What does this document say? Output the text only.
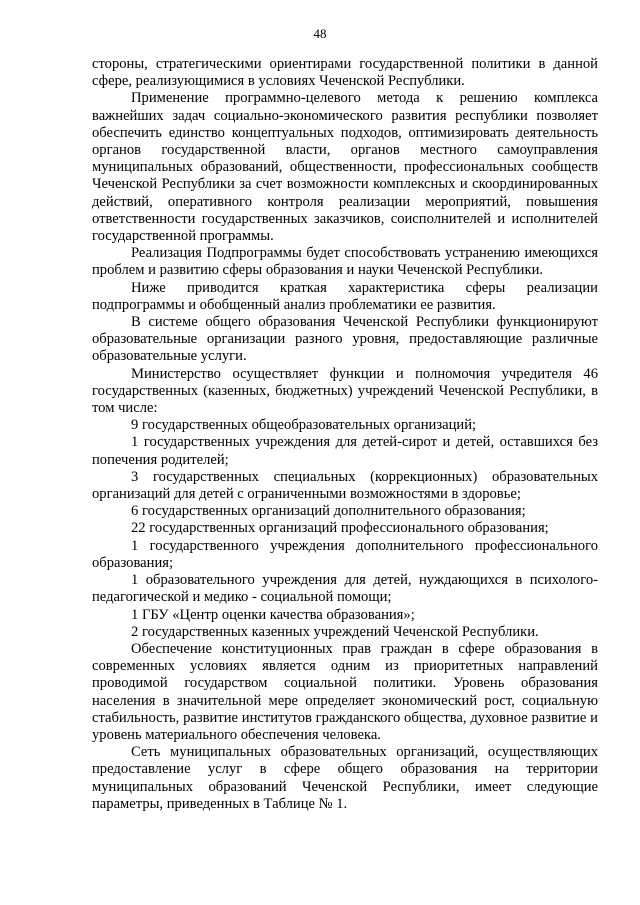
48

стороны, стратегическими ориентирами государственной политики в данной сфере, реализующимися в условиях Чеченской Республики.

Применение программно-целевого метода к решению комплекса важнейших задач социально-экономического развития республики позволяет обеспечить единство концептуальных подходов, оптимизировать деятельность органов государственной власти, органов местного самоуправления муниципальных образований, общественности, профессиональных сообществ Чеченской Республики за счет возможности комплексных и скоординированных действий, оперативного контроля реализации мероприятий, повышения ответственности государственных заказчиков, соисполнителей и исполнителей государственной программы.

Реализация Подпрограммы будет способствовать устранению имеющихся проблем и развитию сферы образования и науки Чеченской Республики.

Ниже приводится краткая характеристика сферы реализации подпрограммы и обобщенный анализ проблематики ее развития.

В системе общего образования Чеченской Республики функционируют образовательные организации разного уровня, предоставляющие различные образовательные услуги.

Министерство осуществляет функции и полномочия учредителя 46 государственных (казенных, бюджетных) учреждений Чеченской Республики, в том числе:

9 государственных общеобразовательных организаций;

1 государственных учреждения для детей-сирот и детей, оставшихся без попечения родителей;

3 государственных специальных (коррекционных) образовательных организаций для детей с ограниченными возможностями в здоровье;

6 государственных организаций дополнительного образования;

22 государственных организаций профессионального образования;

1 государственного учреждения дополнительного профессионального образования;

1 образовательного учреждения для детей, нуждающихся в психолого-педагогической и медико - социальной помощи;

1 ГБУ «Центр оценки качества образования»;

2 государственных казенных учреждений Чеченской Республики.

Обеспечение конституционных прав граждан в сфере образования в современных условиях является одним из приоритетных направлений проводимой государством социальной политики. Уровень образования населения в значительной мере определяет экономический рост, социальную стабильность, развитие институтов гражданского общества, духовное развитие и уровень материального обеспечения человека.

Сеть муниципальных образовательных организаций, осуществляющих предоставление услуг в сфере общего образования на территории муниципальных образований Чеченской Республики, имеет следующие параметры, приведенных в Таблице № 1.
